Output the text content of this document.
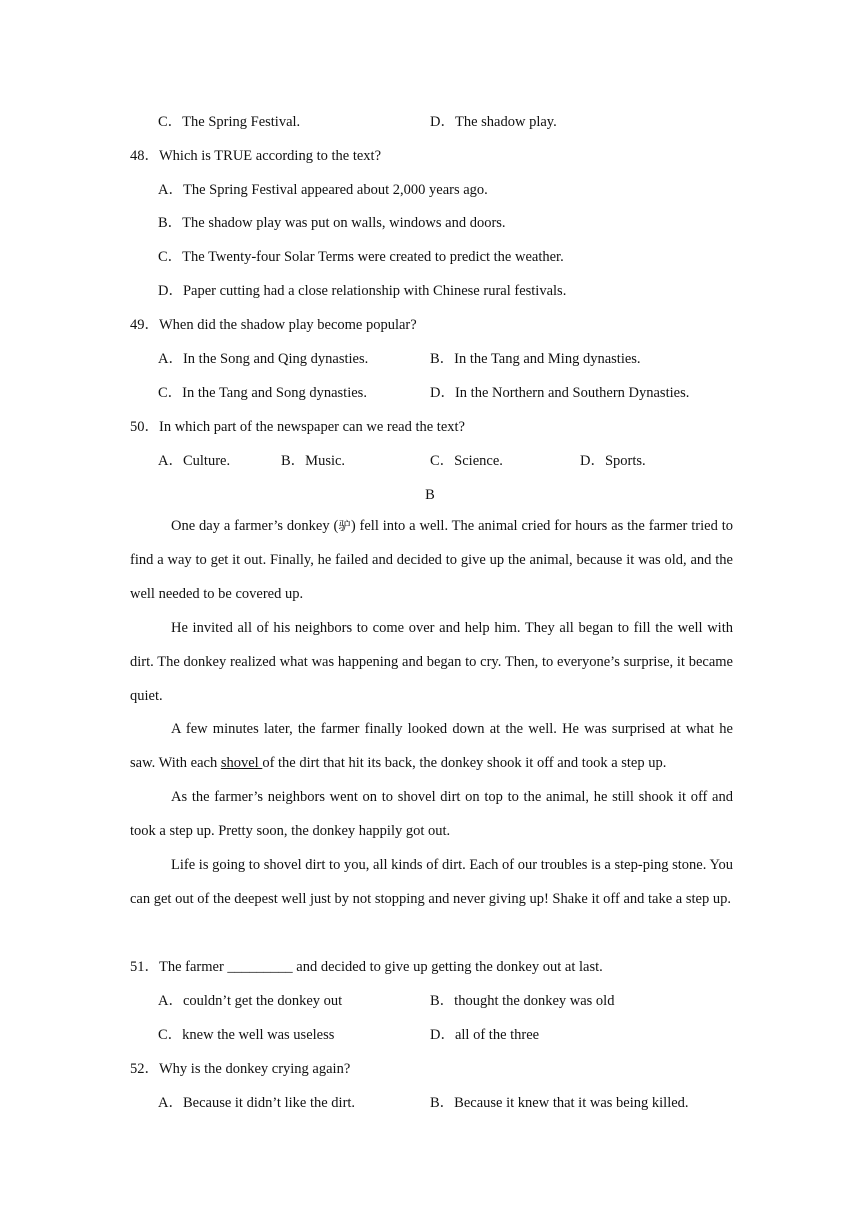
C．The Spring Festival.	D．The shadow play.
48．Which is TRUE according to the text?
A．The Spring Festival appeared about 2,000 years ago.
B．The shadow play was put on walls, windows and doors.
C．The Twenty-four Solar Terms were created to predict the weather.
D．Paper cutting had a close relationship with Chinese rural festivals.
49．When did the shadow play become popular?
A．In the Song and Qing dynasties.	B．In the Tang and Ming dynasties.
C．In the Tang and Song dynasties.	D．In the Northern and Southern Dynasties.
50．In which part of the newspaper can we read the text?
A．Culture.	B．Music.	C．Science.	D．Sports.
B

One day a farmer’s donkey (驴) fell into a well. The animal cried for hours as the farmer tried to find a way to get it out. Finally, he failed and decided to give up the animal, because it was old, and the well needed to be covered up.

He invited all of his neighbors to come over and help him. They all began to fill the well with dirt. The donkey realized what was happening and began to cry. Then, to everyone’s surprise, it became quiet.

A few minutes later, the farmer finally looked down at the well. He was surprised at what he saw. With each shovel of the dirt that hit its back, the donkey shook it off and took a step up.

As the farmer’s neighbors went on to shovel dirt on top to the animal, he still shook it off and took a step up. Pretty soon, the donkey happily got out.

Life is going to shovel dirt to you, all kinds of dirt. Each of our troubles is a step-ping stone. You can get out of the deepest well just by not stopping and never giving up! Shake it off and take a step up.

51．The farmer _________ and decided to give up getting the donkey out at last.
A．couldn’t get the donkey out	B．thought the donkey was old
C．knew the well was useless	D．all of the three
52．Why is the donkey crying again?
A．Because it didn’t like the dirt.	B．Because it knew that it was being killed.
